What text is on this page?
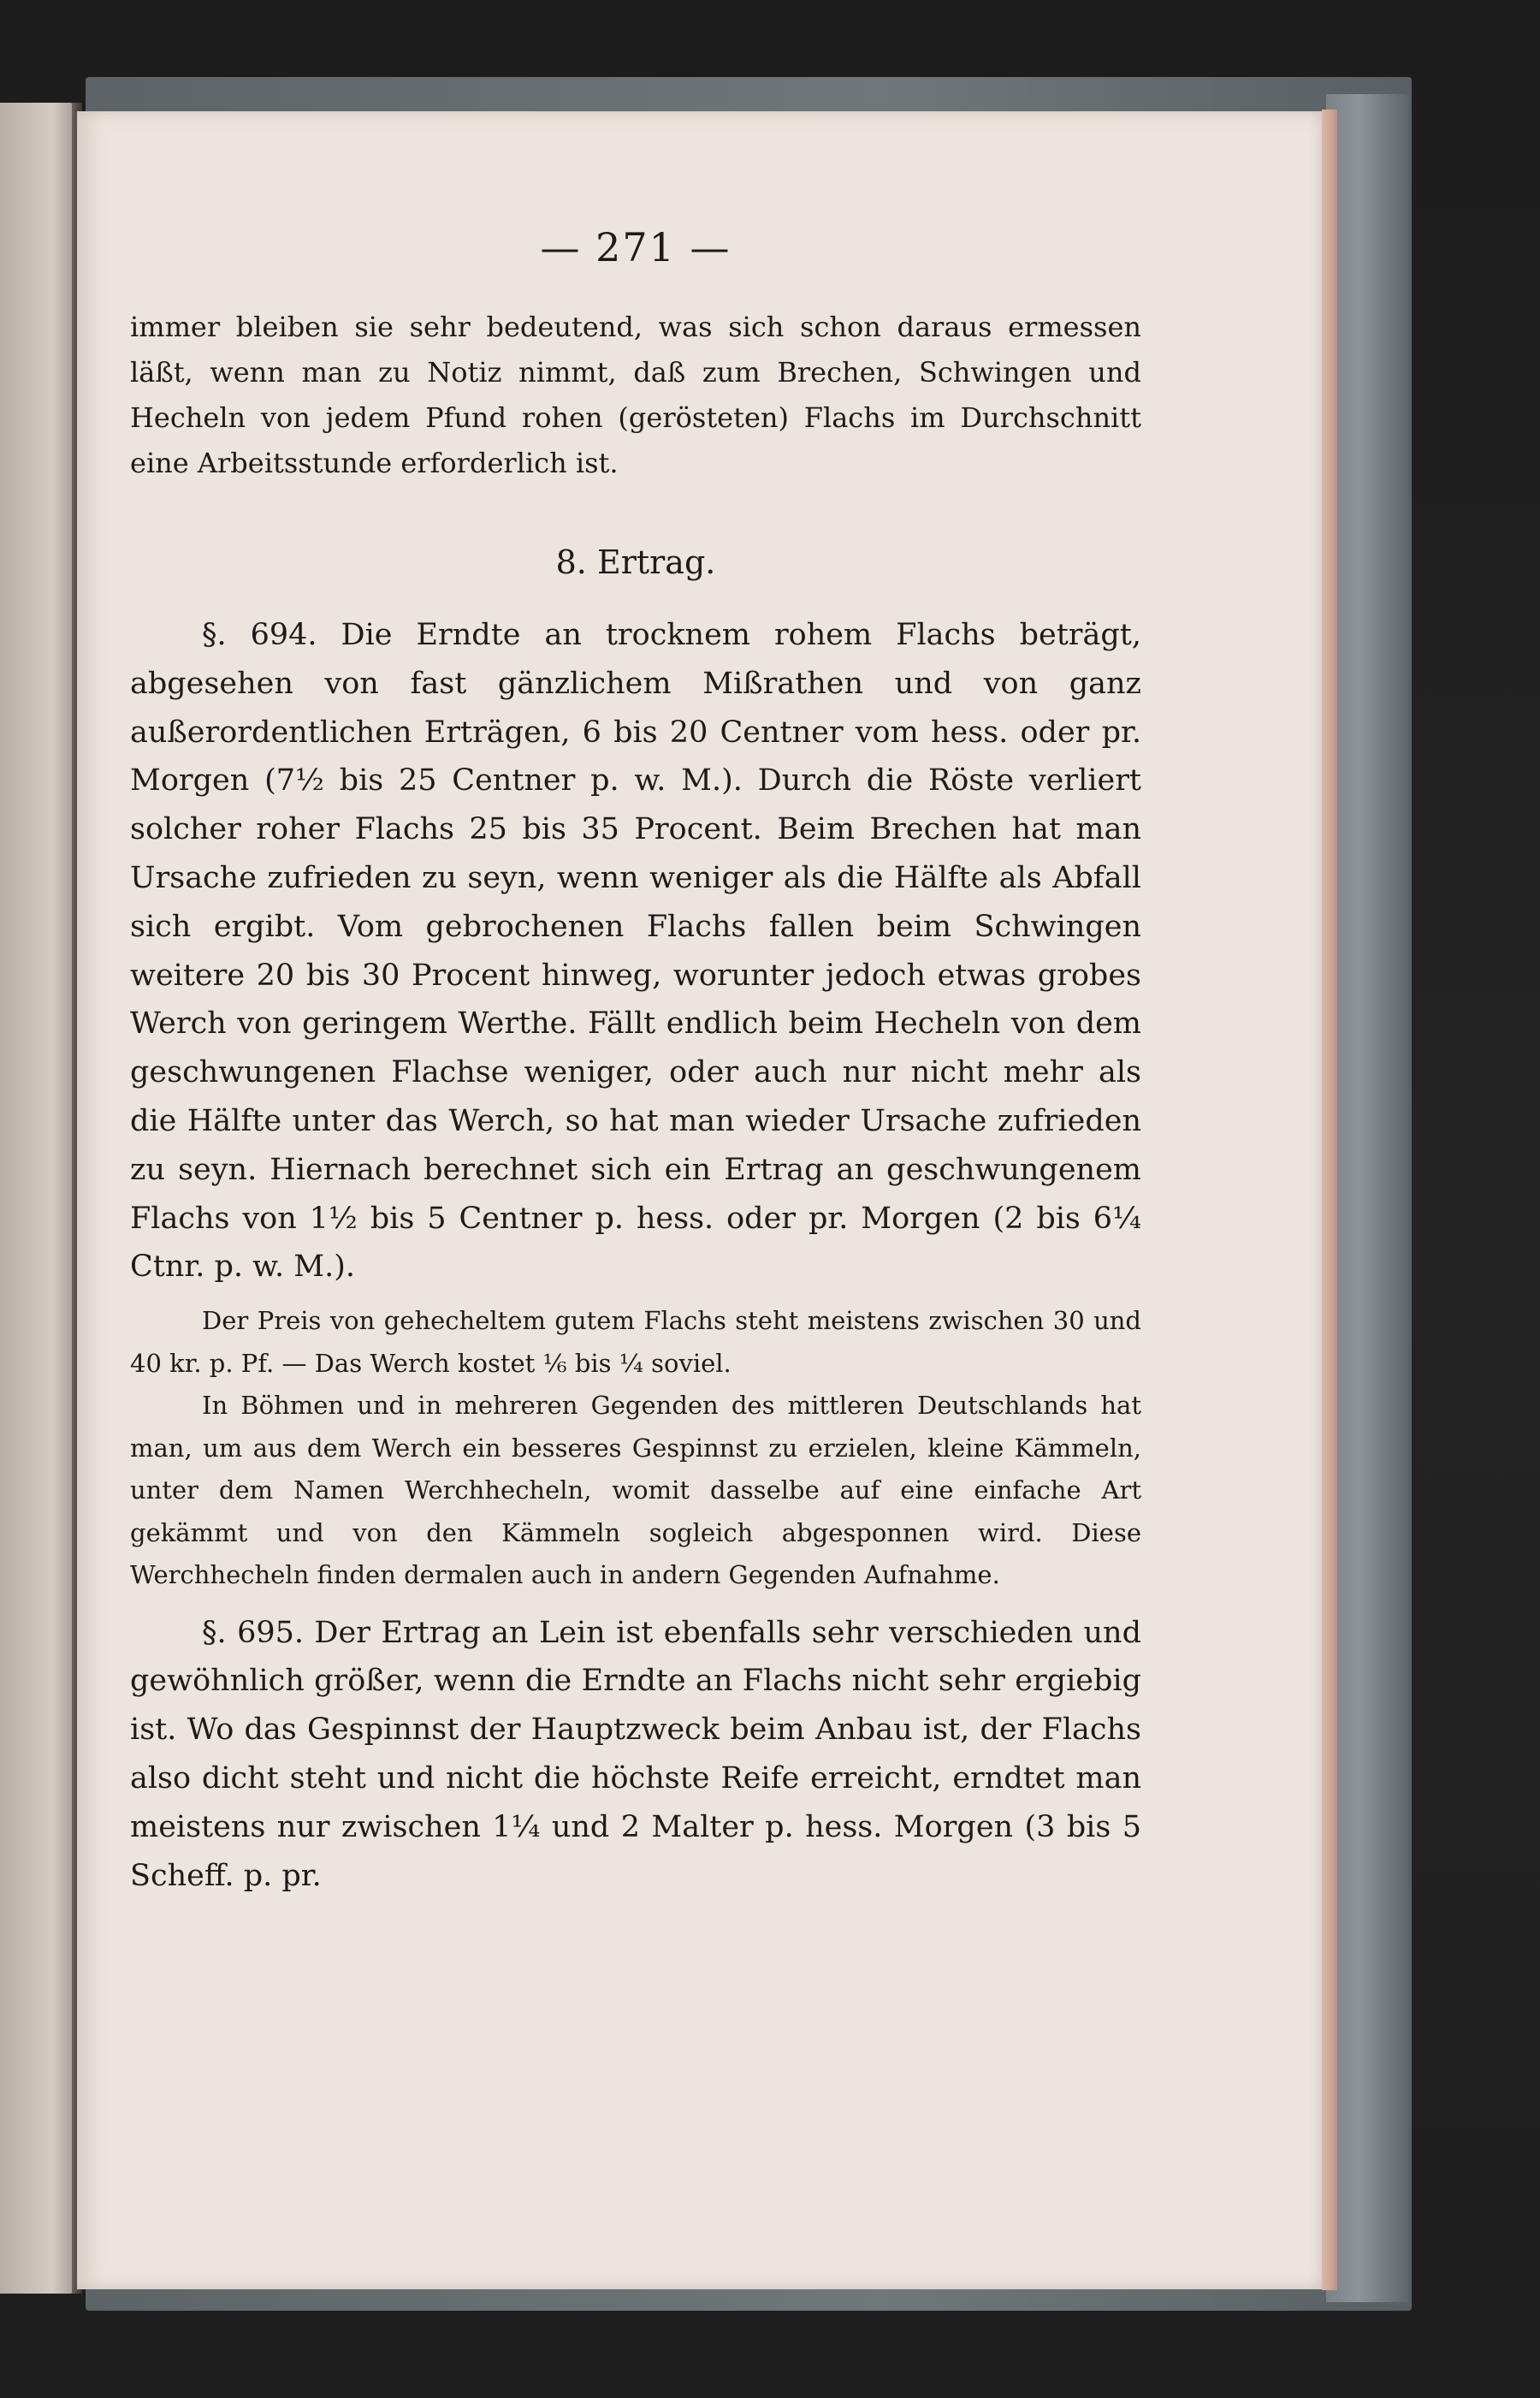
— 271 —

immer bleiben sie sehr bedeutend, was sich schon daraus ermessen läßt, wenn man zu Notiz nimmt, daß zum Brechen, Schwingen und Hecheln von jedem Pfund rohen (gerösteten) Flachs im Durchschnitt eine Arbeitsstunde erforderlich ist.

8. Ertrag.

§. 694. Die Erndte an trocknem rohem Flachs beträgt, abgesehen von fast gänzlichem Mißrathen und von ganz außerordentlichen Erträgen, 6 bis 20 Centner vom hess. oder pr. Morgen (7½ bis 25 Centner p. w. M.). Durch die Röste verliert solcher roher Flachs 25 bis 35 Procent. Beim Brechen hat man Ursache zufrieden zu seyn, wenn weniger als die Hälfte als Abfall sich ergibt. Vom gebrochenen Flachs fallen beim Schwingen weitere 20 bis 30 Procent hinweg, worunter jedoch etwas grobes Werch von geringem Werthe. Fällt endlich beim Hecheln von dem geschwungenen Flachse weniger, oder auch nur nicht mehr als die Hälfte unter das Werch, so hat man wieder Ursache zufrieden zu seyn. Hiernach berechnet sich ein Ertrag an geschwungenem Flachs von 1½ bis 5 Centner p. hess. oder pr. Morgen (2 bis 6¼ Ctnr. p. w. M.).

Der Preis von gehecheltem gutem Flachs steht meistens zwischen 30 und 40 kr. p. Pf. — Das Werch kostet ⅙ bis ¼ soviel.

In Böhmen und in mehreren Gegenden des mittleren Deutschlands hat man, um aus dem Werch ein besseres Gespinnst zu erzielen, kleine Kämmeln, unter dem Namen Werchhecheln, womit dasselbe auf eine einfache Art gekämmt und von den Kämmeln sogleich abgesponnen wird. Diese Werchhecheln finden dermalen auch in andern Gegenden Aufnahme.

§. 695. Der Ertrag an Lein ist ebenfalls sehr verschieden und gewöhnlich größer, wenn die Erndte an Flachs nicht sehr ergiebig ist. Wo das Gespinnst der Hauptzweck beim Anbau ist, der Flachs also dicht steht und nicht die höchste Reife erreicht, erndtet man meistens nur zwischen 1¼ und 2 Malter p. hess. Morgen (3 bis 5 Scheff. p. pr.
